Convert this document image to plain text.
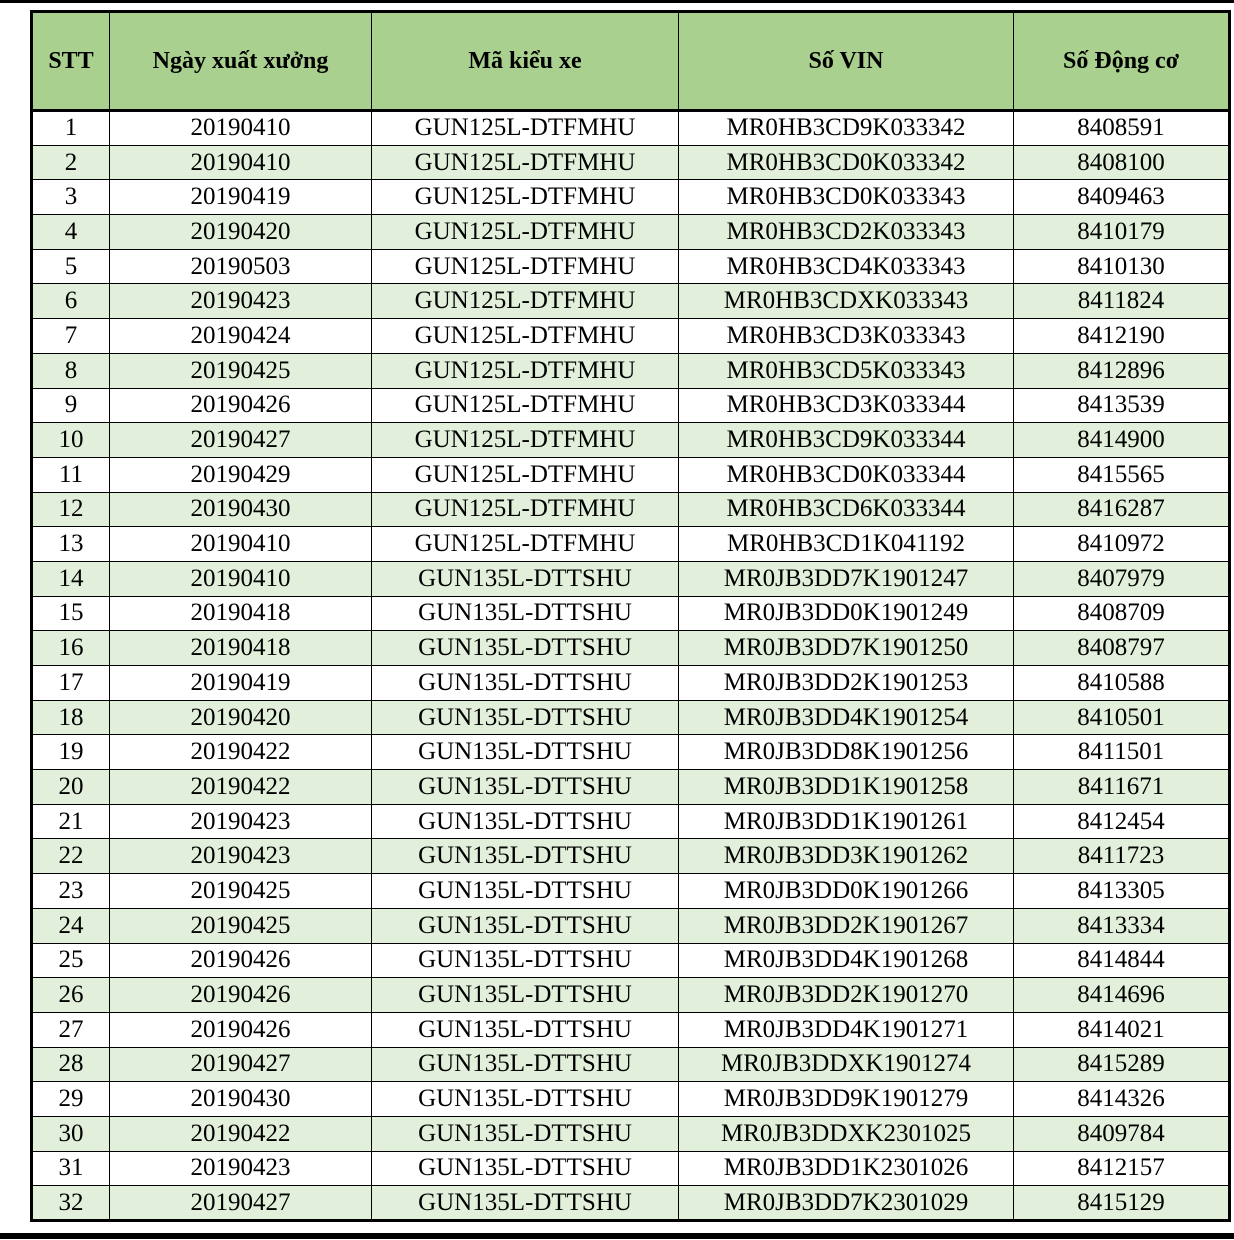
STT	Ngày xuất xưởng	Mã kiểu xe	Số VIN	Số Động cơ
1	20190410	GUN125L-DTFMHU	MR0HB3CD9K033342	8408591
2	20190410	GUN125L-DTFMHU	MR0HB3CD0K033342	8408100
3	20190419	GUN125L-DTFMHU	MR0HB3CD0K033343	8409463
4	20190420	GUN125L-DTFMHU	MR0HB3CD2K033343	8410179
5	20190503	GUN125L-DTFMHU	MR0HB3CD4K033343	8410130
6	20190423	GUN125L-DTFMHU	MR0HB3CDXK033343	8411824
7	20190424	GUN125L-DTFMHU	MR0HB3CD3K033343	8412190
8	20190425	GUN125L-DTFMHU	MR0HB3CD5K033343	8412896
9	20190426	GUN125L-DTFMHU	MR0HB3CD3K033344	8413539
10	20190427	GUN125L-DTFMHU	MR0HB3CD9K033344	8414900
11	20190429	GUN125L-DTFMHU	MR0HB3CD0K033344	8415565
12	20190430	GUN125L-DTFMHU	MR0HB3CD6K033344	8416287
13	20190410	GUN125L-DTFMHU	MR0HB3CD1K041192	8410972
14	20190410	GUN135L-DTTSHU	MR0JB3DD7K1901247	8407979
15	20190418	GUN135L-DTTSHU	MR0JB3DD0K1901249	8408709
16	20190418	GUN135L-DTTSHU	MR0JB3DD7K1901250	8408797
17	20190419	GUN135L-DTTSHU	MR0JB3DD2K1901253	8410588
18	20190420	GUN135L-DTTSHU	MR0JB3DD4K1901254	8410501
19	20190422	GUN135L-DTTSHU	MR0JB3DD8K1901256	8411501
20	20190422	GUN135L-DTTSHU	MR0JB3DD1K1901258	8411671
21	20190423	GUN135L-DTTSHU	MR0JB3DD1K1901261	8412454
22	20190423	GUN135L-DTTSHU	MR0JB3DD3K1901262	8411723
23	20190425	GUN135L-DTTSHU	MR0JB3DD0K1901266	8413305
24	20190425	GUN135L-DTTSHU	MR0JB3DD2K1901267	8413334
25	20190426	GUN135L-DTTSHU	MR0JB3DD4K1901268	8414844
26	20190426	GUN135L-DTTSHU	MR0JB3DD2K1901270	8414696
27	20190426	GUN135L-DTTSHU	MR0JB3DD4K1901271	8414021
28	20190427	GUN135L-DTTSHU	MR0JB3DDXK1901274	8415289
29	20190430	GUN135L-DTTSHU	MR0JB3DD9K1901279	8414326
30	20190422	GUN135L-DTTSHU	MR0JB3DDXK2301025	8409784
31	20190423	GUN135L-DTTSHU	MR0JB3DD1K2301026	8412157
32	20190427	GUN135L-DTTSHU	MR0JB3DD7K2301029	8415129
